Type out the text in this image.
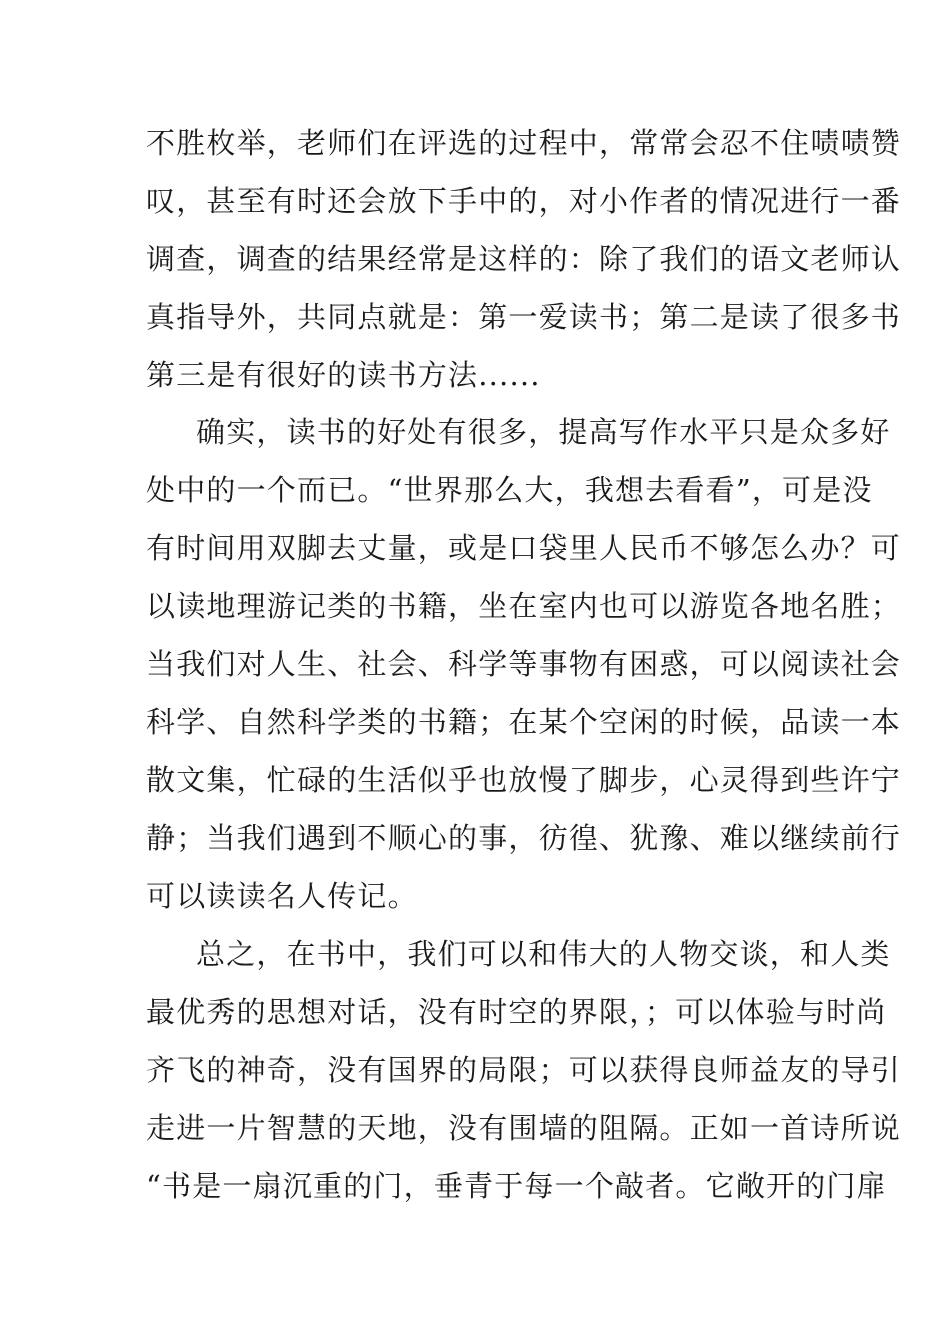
不胜枚举，老师们在评选的过程中，常常会忍不住啧啧赞
叹，甚至有时还会放下手中的，对小作者的情况进行一番
调查，调查的结果经常是这样的：除了我们的语文老师认
真指导外，共同点就是：第一爱读书；第二是读了很多书
第三是有很好的读书方法......
确实，读书的好处有很多，提高写作水平只是众多好
处中的一个而已。“世界那么大，我想去看看”，可是没
有时间用双脚去丈量，或是口袋里人民币不够怎么办？可
以读地理游记类的书籍，坐在室内也可以游览各地名胜；
当我们对人生、社会、科学等事物有困惑，可以阅读社会
科学、自然科学类的书籍；在某个空闲的时候，品读一本
散文集，忙碌的生活似乎也放慢了脚步，心灵得到些许宁
静；当我们遇到不顺心的事，彷徨、犹豫、难以继续前行
可以读读名人传记。
总之，在书中，我们可以和伟大的人物交谈，和人类
最优秀的思想对话，没有时空的界限，；可以体验与时尚
齐飞的神奇，没有国界的局限；可以获得良师益友的导引
走进一片智慧的天地，没有围墙的阻隔。正如一首诗所说
“书是一扇沉重的门，垂青于每一个敲者。它敞开的门扉
